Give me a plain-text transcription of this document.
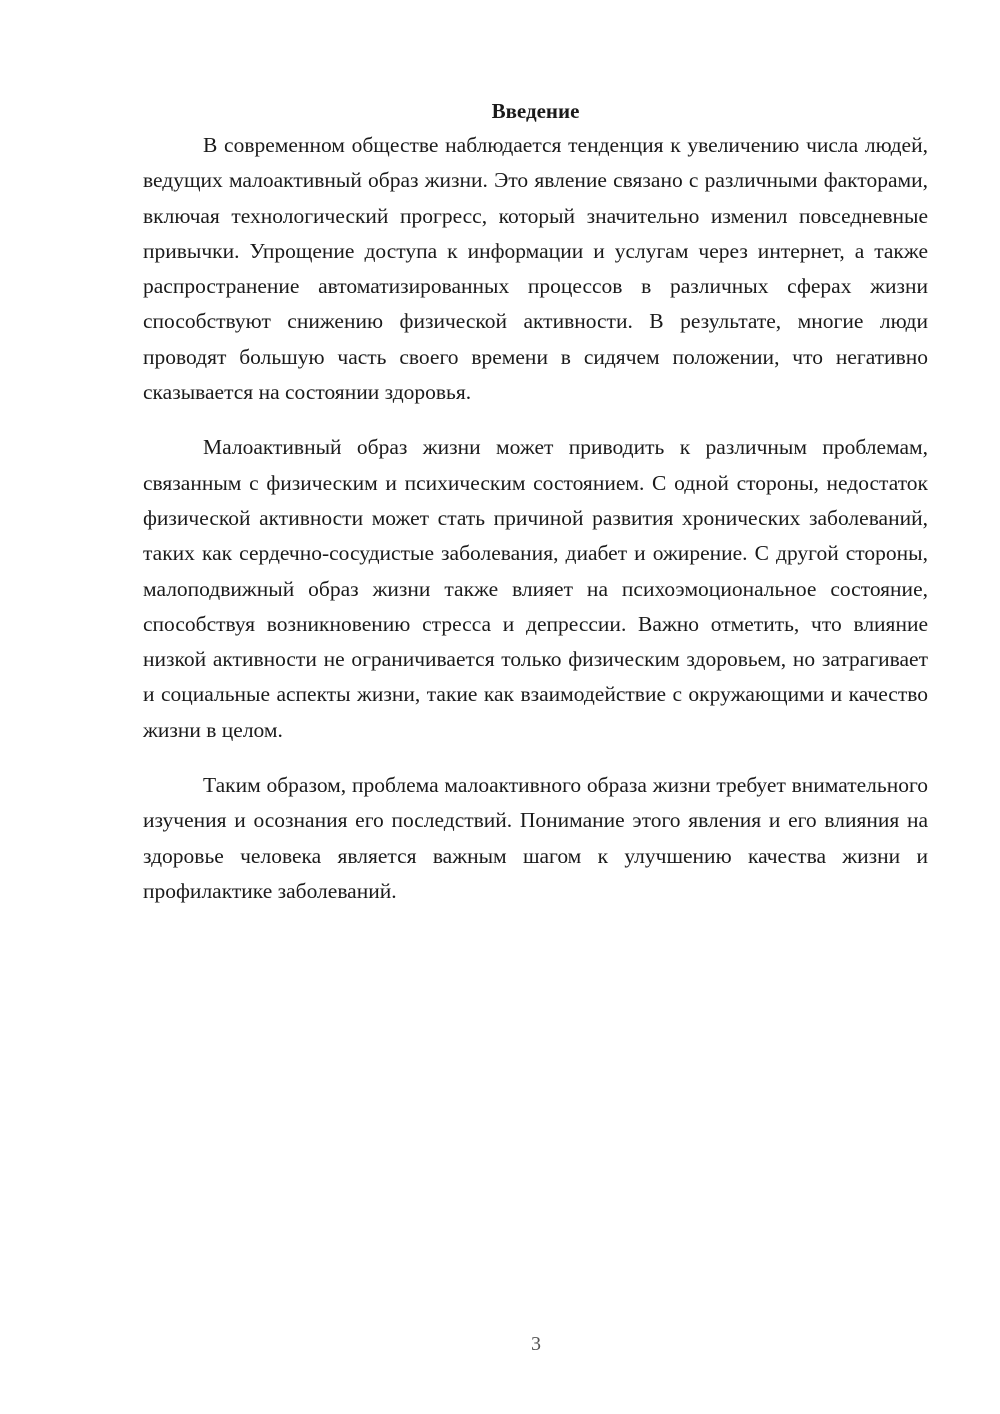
Введение

В современном обществе наблюдается тенденция к увеличению числа людей, ведущих малоактивный образ жизни. Это явление связано с различными факторами, включая технологический прогресс, который значительно изменил повседневные привычки. Упрощение доступа к информации и услугам через интернет, а также распространение автоматизированных процессов в различных сферах жизни способствуют снижению физической активности. В результате, многие люди проводят большую часть своего времени в сидячем положении, что негативно сказывается на состоянии здоровья.

Малоактивный образ жизни может приводить к различным проблемам, связанным с физическим и психическим состоянием. С одной стороны, недостаток физической активности может стать причиной развития хронических заболеваний, таких как сердечно-сосудистые заболевания, диабет и ожирение. С другой стороны, малоподвижный образ жизни также влияет на психоэмоциональное состояние, способствуя возникновению стресса и депрессии. Важно отметить, что влияние низкой активности не ограничивается только физическим здоровьем, но затрагивает и социальные аспекты жизни, такие как взаимодействие с окружающими и качество жизни в целом.

Таким образом, проблема малоактивного образа жизни требует внимательного изучения и осознания его последствий. Понимание этого явления и его влияния на здоровье человека является важным шагом к улучшению качества жизни и профилактике заболеваний.

3
